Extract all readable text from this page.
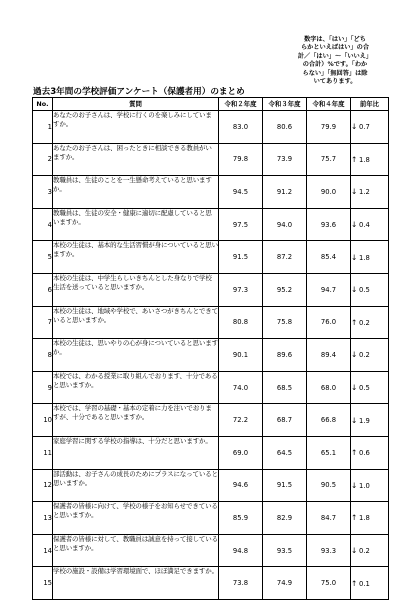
数字は、「はい」「どち
らかといえばはい」の合
計／「はい」～「いいえ」
の合計）%です。「わか
らない」「無回答」は除
いてあります。
過去3年間の学校評価アンケート（保護者用）のまとめ
No.	質問	令和２年度	令和３年度	令和４年度	前年比
1	あなたのお子さんは、学校に行くのを楽しみにしていますか。	83.0	80.6	79.9	↓ 0.7
2	あなたのお子さんは、困ったときに相談できる教員がいますか。	79.8	73.9	75.7	↑ 1.8
3	教職員は、生徒のことを一生懸命考えていると思いますか。	94.5	91.2	90.0	↓ 1.2
4	教職員は、生徒の安全・健康に適切に配慮していると思いますか。	97.5	94.0	93.6	↓ 0.4
5	本校の生徒は、基本的な生活習慣が身についていると思いますか。	91.5	87.2	85.4	↓ 1.8
6	本校の生徒は、中学生らしいきちんとした身なりで学校生活を送っていると思いますか。	97.3	95.2	94.7	↓ 0.5
7	本校の生徒は、地域や学校で、あいさつがきちんとできていると思いますか。	80.8	75.8	76.0	↑ 0.2
8	本校の生徒は、思いやりの心が身についていると思いますか。	90.1	89.6	89.4	↓ 0.2
9	本校では、わかる授業に取り組んでおります、十分であると思いますか。	74.0	68.5	68.0	↓ 0.5
10	本校では、学習の基礎・基本の定着に力を注いでおりますが、十分であると思いますか。	72.2	68.7	66.8	↓ 1.9
11	家庭学習に関する学校の指導は、十分だと思いますか。	69.0	64.5	65.1	↑ 0.6
12	部活動は、お子さんの成長のためにプラスになっていると思いますか。	94.6	91.5	90.5	↓ 1.0
13	保護者の皆様に向けて、学校の様子をお知らせできていると思いますか。	85.9	82.9	84.7	↑ 1.8
14	保護者の皆様に対して、教職員は誠意を持って接していると思いますか。	94.8	93.5	93.3	↓ 0.2
15	学校の施設・設備は学習環境面で、ほぼ満足できますか。	73.8	74.9	75.0	↑ 0.1
